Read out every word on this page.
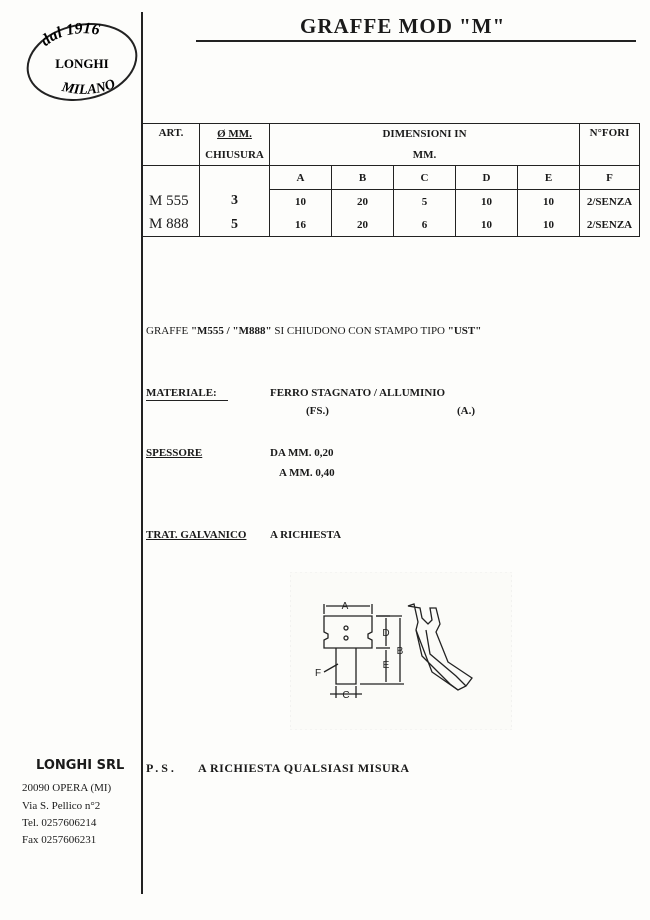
dal 1916
LONGHI
MILANO
GRAFFE MOD "M"
ART.	Ø MM.	DIMENSIONI IN					N°FORI
	CHIUSURA	MM.					
		A	B	C	D	E	F
M 555	3	10	20	5	10	10	2/SENZA
M 888	5	16	20	6	10	10	2/SENZA
GRAFFE "M555 / "M888" SI CHIUDONO CON STAMPO TIPO "UST"
MATERIALE:	FERRO STAGNATO / ALLUMINIO
(FS.)	(A.)
SPESSORE	DA MM. 0,20
A MM. 0,40
TRAT. GALVANICO A RICHIESTA
A
D
B
E
F
C
P.S. A RICHIESTA QUALSIASI MISURA
LONGHI SRL
20090 OPERA (MI)
Via S. Pellico n°2
Tel. 0257606214
Fax 0257606231
